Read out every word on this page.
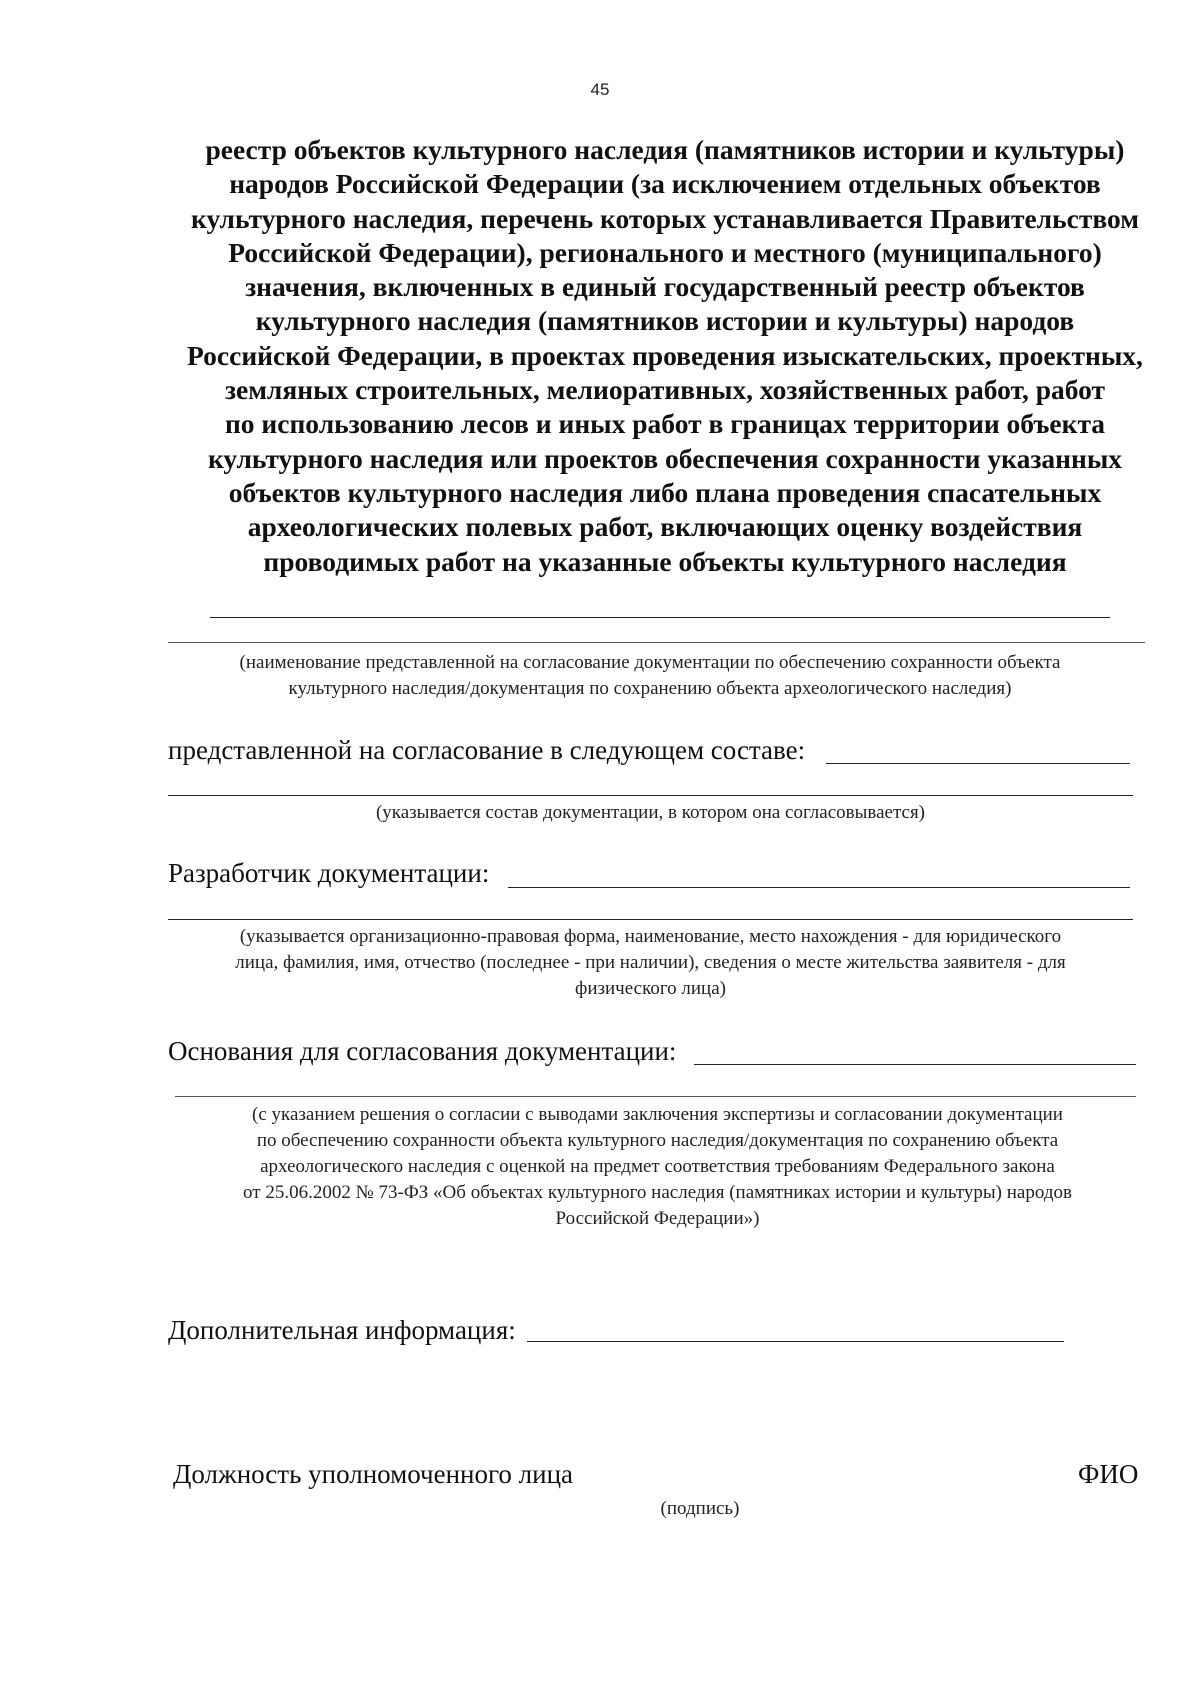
45
реестр объектов культурного наследия (памятников истории и культуры)
народов Российской Федерации (за исключением отдельных объектов
культурного наследия, перечень которых устанавливается Правительством
Российской Федерации), регионального и местного (муниципального)
значения, включенных в единый государственный реестр объектов
культурного наследия (памятников истории и культуры) народов
Российской Федерации, в проектах проведения изыскательских, проектных,
земляных строительных, мелиоративных, хозяйственных работ, работ
по использованию лесов и иных работ в границах территории объекта
культурного наследия или проектов обеспечения сохранности указанных
объектов культурного наследия либо плана проведения спасательных
археологических полевых работ, включающих оценку воздействия
проводимых работ на указанные объекты культурного наследия
(наименование представленной на согласование документации по обеспечению сохранности объекта
культурного наследия/документация по сохранению объекта археологического наследия)
представленной на согласование в следующем составе:
(указывается состав документации, в котором она согласовывается)
Разработчик документации:
(указывается организационно-правовая форма, наименование, место нахождения - для юридического
лица, фамилия, имя, отчество (последнее - при наличии), сведения о месте жительства заявителя - для
физического лица)
Основания для согласования документации:
(с указанием решения о согласии с выводами заключения экспертизы и согласовании документации
по обеспечению сохранности объекта культурного наследия/документация по сохранению объекта
археологического наследия с оценкой на предмет соответствия требованиям Федерального закона
от 25.06.2002 № 73-ФЗ «Об объектах культурного наследия (памятниках истории и культуры) народов
Российской Федерации»)
Дополнительная информация:
Должность уполномоченного лица
(подпись)
ФИО
